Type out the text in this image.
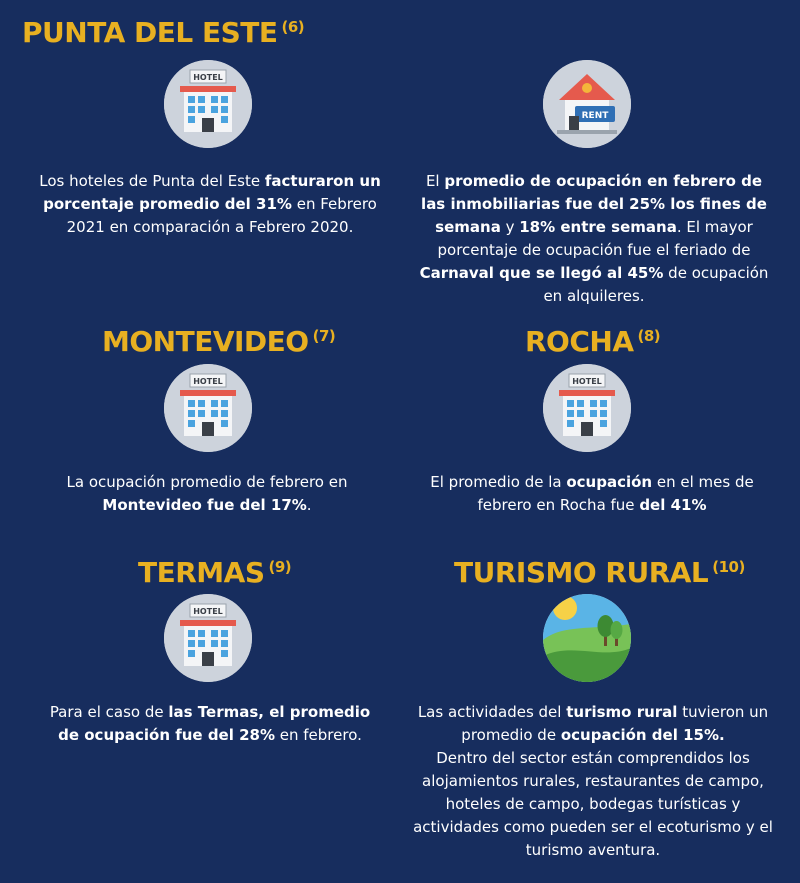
PUNTA DEL ESTE $^{(6)}$
Los hoteles de Punta del Este facturaron un porcentaje promedio del 31% en Febrero 2021 en comparación a Febrero 2020.
RENT
El promedio de ocupación en febrero de las inmobiliarias fue del 25% los fines de semana y 18% entre semana. El mayor porcentaje de ocupación fue el feriado de Carnaval que se llegó al 45% de ocupación en alquileres.
MONTEVIDEO $^{(7)}$
La ocupación promedio de febrero en Montevideo fue del 17%.
ROCHA $^{(8)}$
El promedio de la ocupación en el mes de febrero en Rocha fue del 41%
TERMAS $^{(9)}$
Para el caso de las Termas, el promedio de ocupación fue del 28% en febrero.
TURISMO RURAL $^{(10)}$
Las actividades del turismo rural tuvieron un promedio de ocupación del 15%.
Dentro del sector están comprendidos los alojamientos rurales, restaurantes de campo, hoteles de campo, bodegas turísticas y actividades como pueden ser el ecoturismo y el turismo aventura.
